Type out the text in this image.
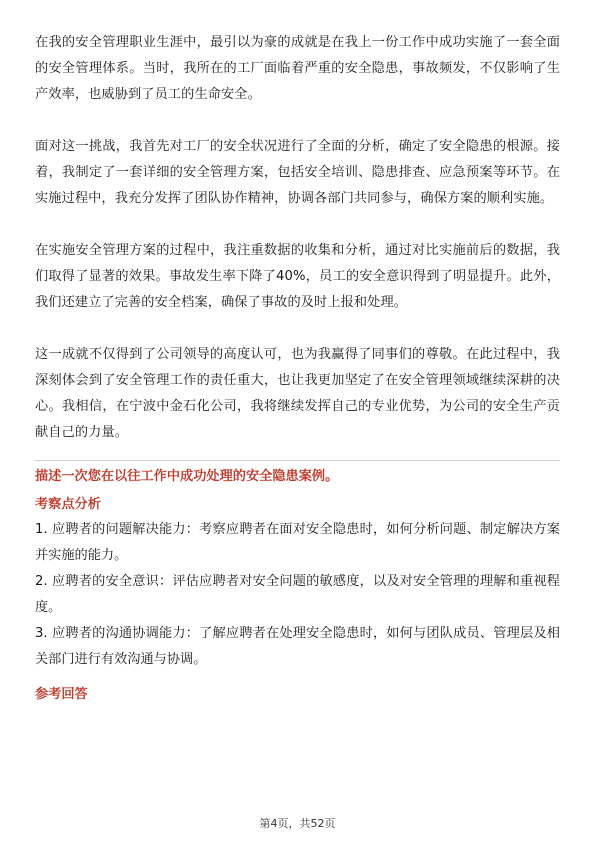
在我的安全管理职业生涯中，最引以为豪的成就是在我上一份工作中成功实施了一套全面的安全管理体系。当时，我所在的工厂面临着严重的安全隐患，事故频发，不仅影响了生产效率，也威胁到了员工的生命安全。

面对这一挑战，我首先对工厂的安全状况进行了全面的分析，确定了安全隐患的根源。接着，我制定了一套详细的安全管理方案，包括安全培训、隐患排查、应急预案等环节。在实施过程中，我充分发挥了团队协作精神，协调各部门共同参与，确保方案的顺利实施。

在实施安全管理方案的过程中，我注重数据的收集和分析，通过对比实施前后的数据，我们取得了显著的效果。事故发生率下降了40%，员工的安全意识得到了明显提升。此外，我们还建立了完善的安全档案，确保了事故的及时上报和处理。

这一成就不仅得到了公司领导的高度认可，也为我赢得了同事们的尊敬。在此过程中，我深刻体会到了安全管理工作的责任重大，也让我更加坚定了在安全管理领域继续深耕的决心。我相信，在宁波中金石化公司，我将继续发挥自己的专业优势，为公司的安全生产贡献自己的力量。

描述一次您在以往工作中成功处理的安全隐患案例。

考察点分析

1. 应聘者的问题解决能力：考察应聘者在面对安全隐患时，如何分析问题、制定解决方案并实施的能力。

2. 应聘者的安全意识：评估应聘者对安全问题的敏感度，以及对安全管理的理解和重视程度。

3. 应聘者的沟通协调能力：了解应聘者在处理安全隐患时，如何与团队成员、管理层及相关部门进行有效沟通与协调。

参考回答

第4页，共52页
